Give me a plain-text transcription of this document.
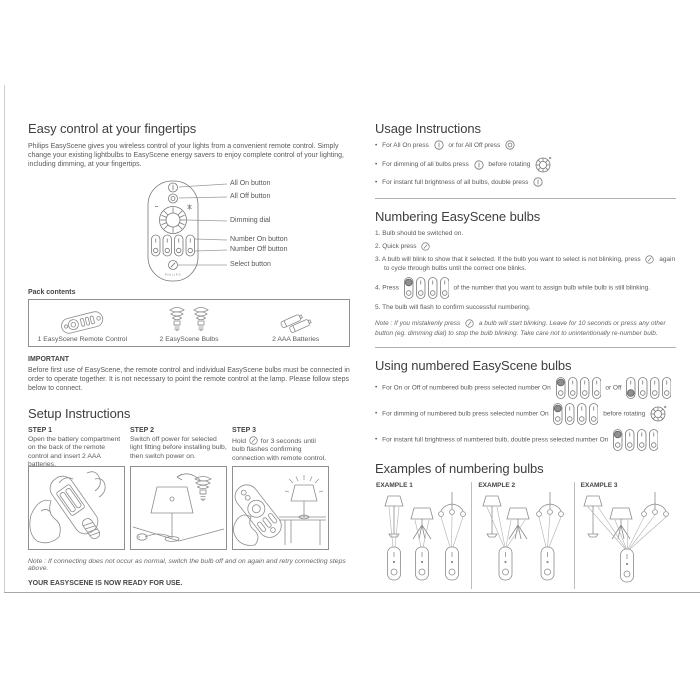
Easy control at your fingertips

Philips EasyScene gives you wireless control of your lights from a convenient remote control. Simply change your existing lightbulbs to EasyScene energy savers to enjoy complete control of your lighting, including dimming, at your fingertips.

PHILIPS
All On button
All Off button
Dimming dial
Number On button
Number Off button
Select button
Pack contents
1 EasyScene Remote Control	2 EasyScene Bulbs	2 AAA Batteries
IMPORTANT

Before first use of EasyScene, the remote control and individual EasyScene bulbs must be connected in order to operate together. It is not necessary to point the remote control at the lamp. Please follow steps below to connect.

Setup Instructions
STEP 1

Open the battery compartment on the back of the remote control and insert 2 AAA batteries.

STEP 2

Switch off power for selected light fitting before installing bulb, then switch power on.

STEP 3

Hold for 3 seconds until bulb flashes confirming connection with remote control.

Note : If connecting does not occur as normal, switch the bulb off and on again and retry connecting steps above.

YOUR EASYSCENE IS NOW READY FOR USE.

Usage Instructions
• For All On press	or for All Off press
• For dimming of all bulbs press	before rotating
• For instant full brightness of all bulbs, double press
Numbering EasyScene bulbs

1. Bulb should be switched on.

2. Quick press

3. A bulb will blink to show that it selected. If the bulb you want to select is not blinking, press	again to cycle through bulbs until the correct one blinks.

4. Press	of the number that you want to assign bulb while bulb is still blinking.

5. The bulb will flash to confirm successful numbering.

Note : If you mistakenly press	a bulb will start blinking. Leave for 10 seconds or press any other button (eg. dimming dial) to stop the bulb blinking. Take care not to unintentionally re-number bulb.

Using numbered EasyScene bulbs
• For On or Off of numbered bulb press selected number On	or Off
• For dimming of numbered bulb press selected number On	before rotating
• For instant full brightness of numbered bulb, double press selected number On
Examples of numbering bulbs
EXAMPLE 1	EXAMPLE 2	EXAMPLE 3
